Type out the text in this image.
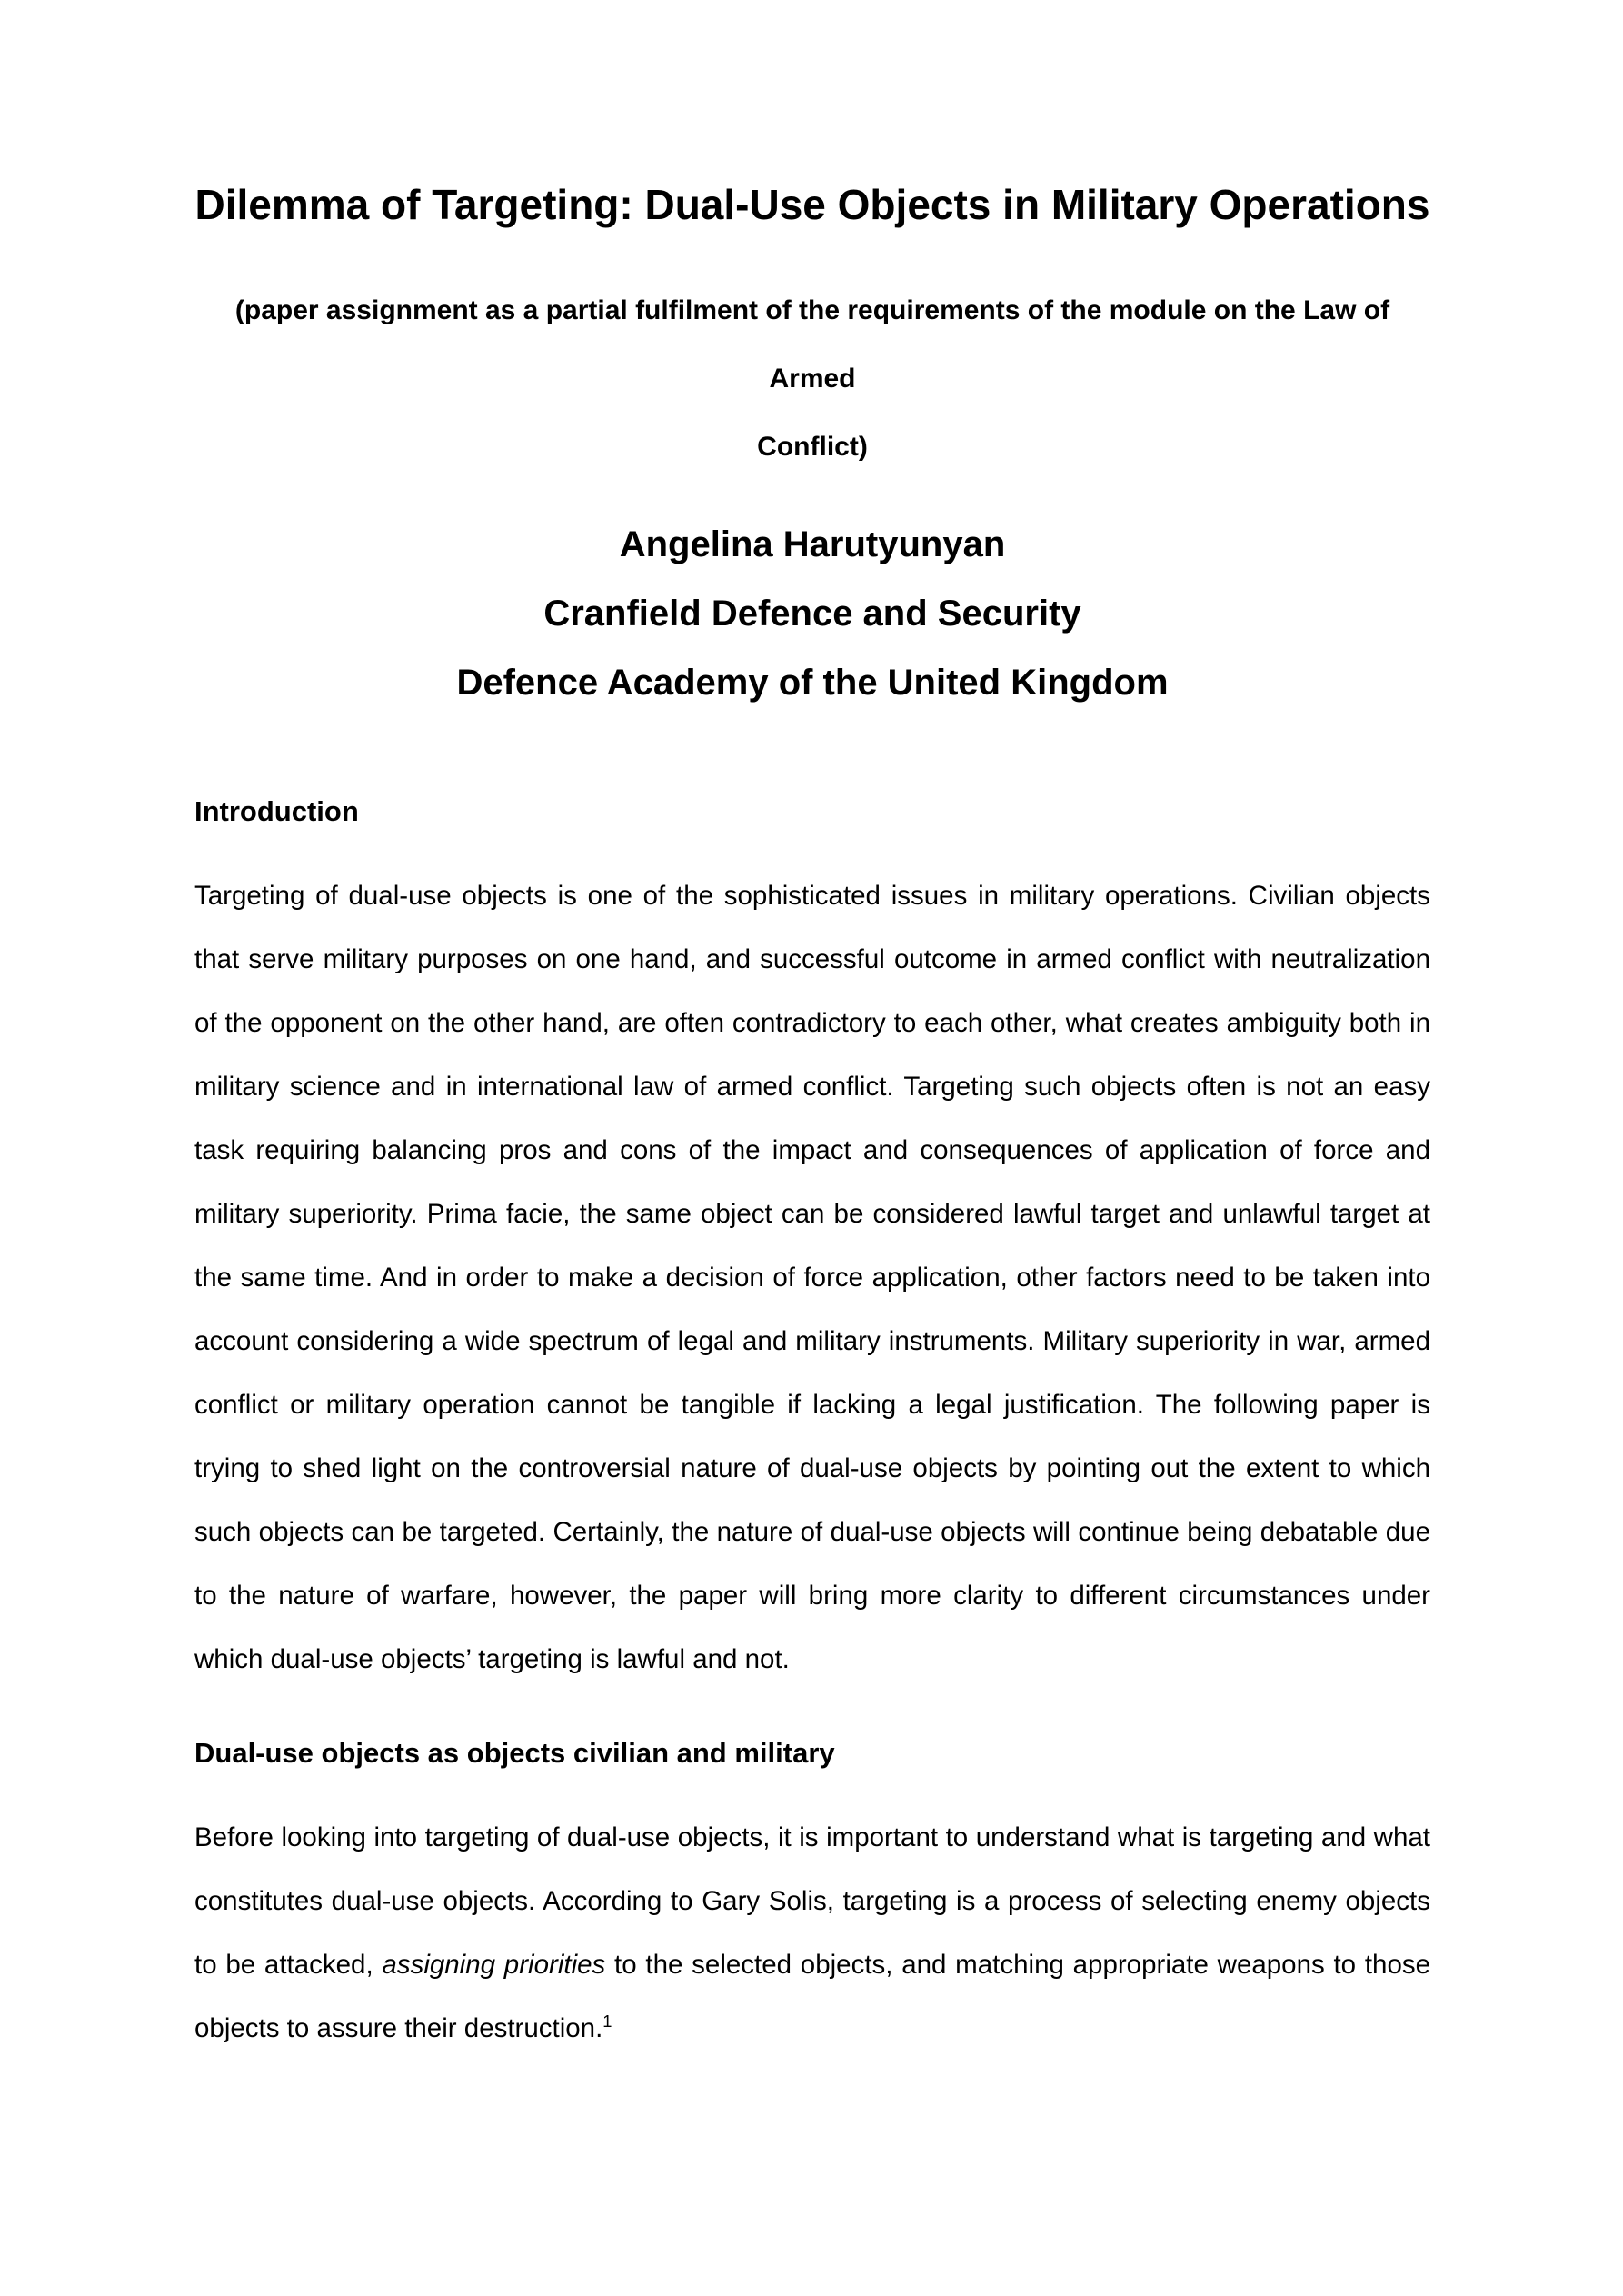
Dilemma of Targeting: Dual-Use Objects in Military Operations
(paper assignment as a partial fulfilment of the requirements of the module on the Law of Armed
Conflict)
Angelina Harutyunyan
Cranfield Defence and Security
Defence Academy of the United Kingdom
Introduction

Targeting of dual-use objects is one of the sophisticated issues in military operations. Civilian objects that serve military purposes on one hand, and successful outcome in armed conflict with neutralization of the opponent on the other hand, are often contradictory to each other, what creates ambiguity both in military science and in international law of armed conflict. Targeting such objects often is not an easy task requiring balancing pros and cons of the impact and consequences of application of force and military superiority. Prima facie, the same object can be considered lawful target and unlawful target at the same time. And in order to make a decision of force application, other factors need to be taken into account considering a wide spectrum of legal and military instruments. Military superiority in war, armed conflict or military operation cannot be tangible if lacking a legal justification. The following paper is trying to shed light on the controversial nature of dual-use objects by pointing out the extent to which such objects can be targeted. Certainly, the nature of dual-use objects will continue being debatable due to the nature of warfare, however, the paper will bring more clarity to different circumstances under which dual-use objects’ targeting is lawful and not.

Dual-use objects as objects civilian and military

Before looking into targeting of dual-use objects, it is important to understand what is targeting and what constitutes dual-use objects. According to Gary Solis, targeting is a process of selecting enemy objects to be attacked, assigning priorities to the selected objects, and matching appropriate weapons to those objects to assure their destruction.$^1$
